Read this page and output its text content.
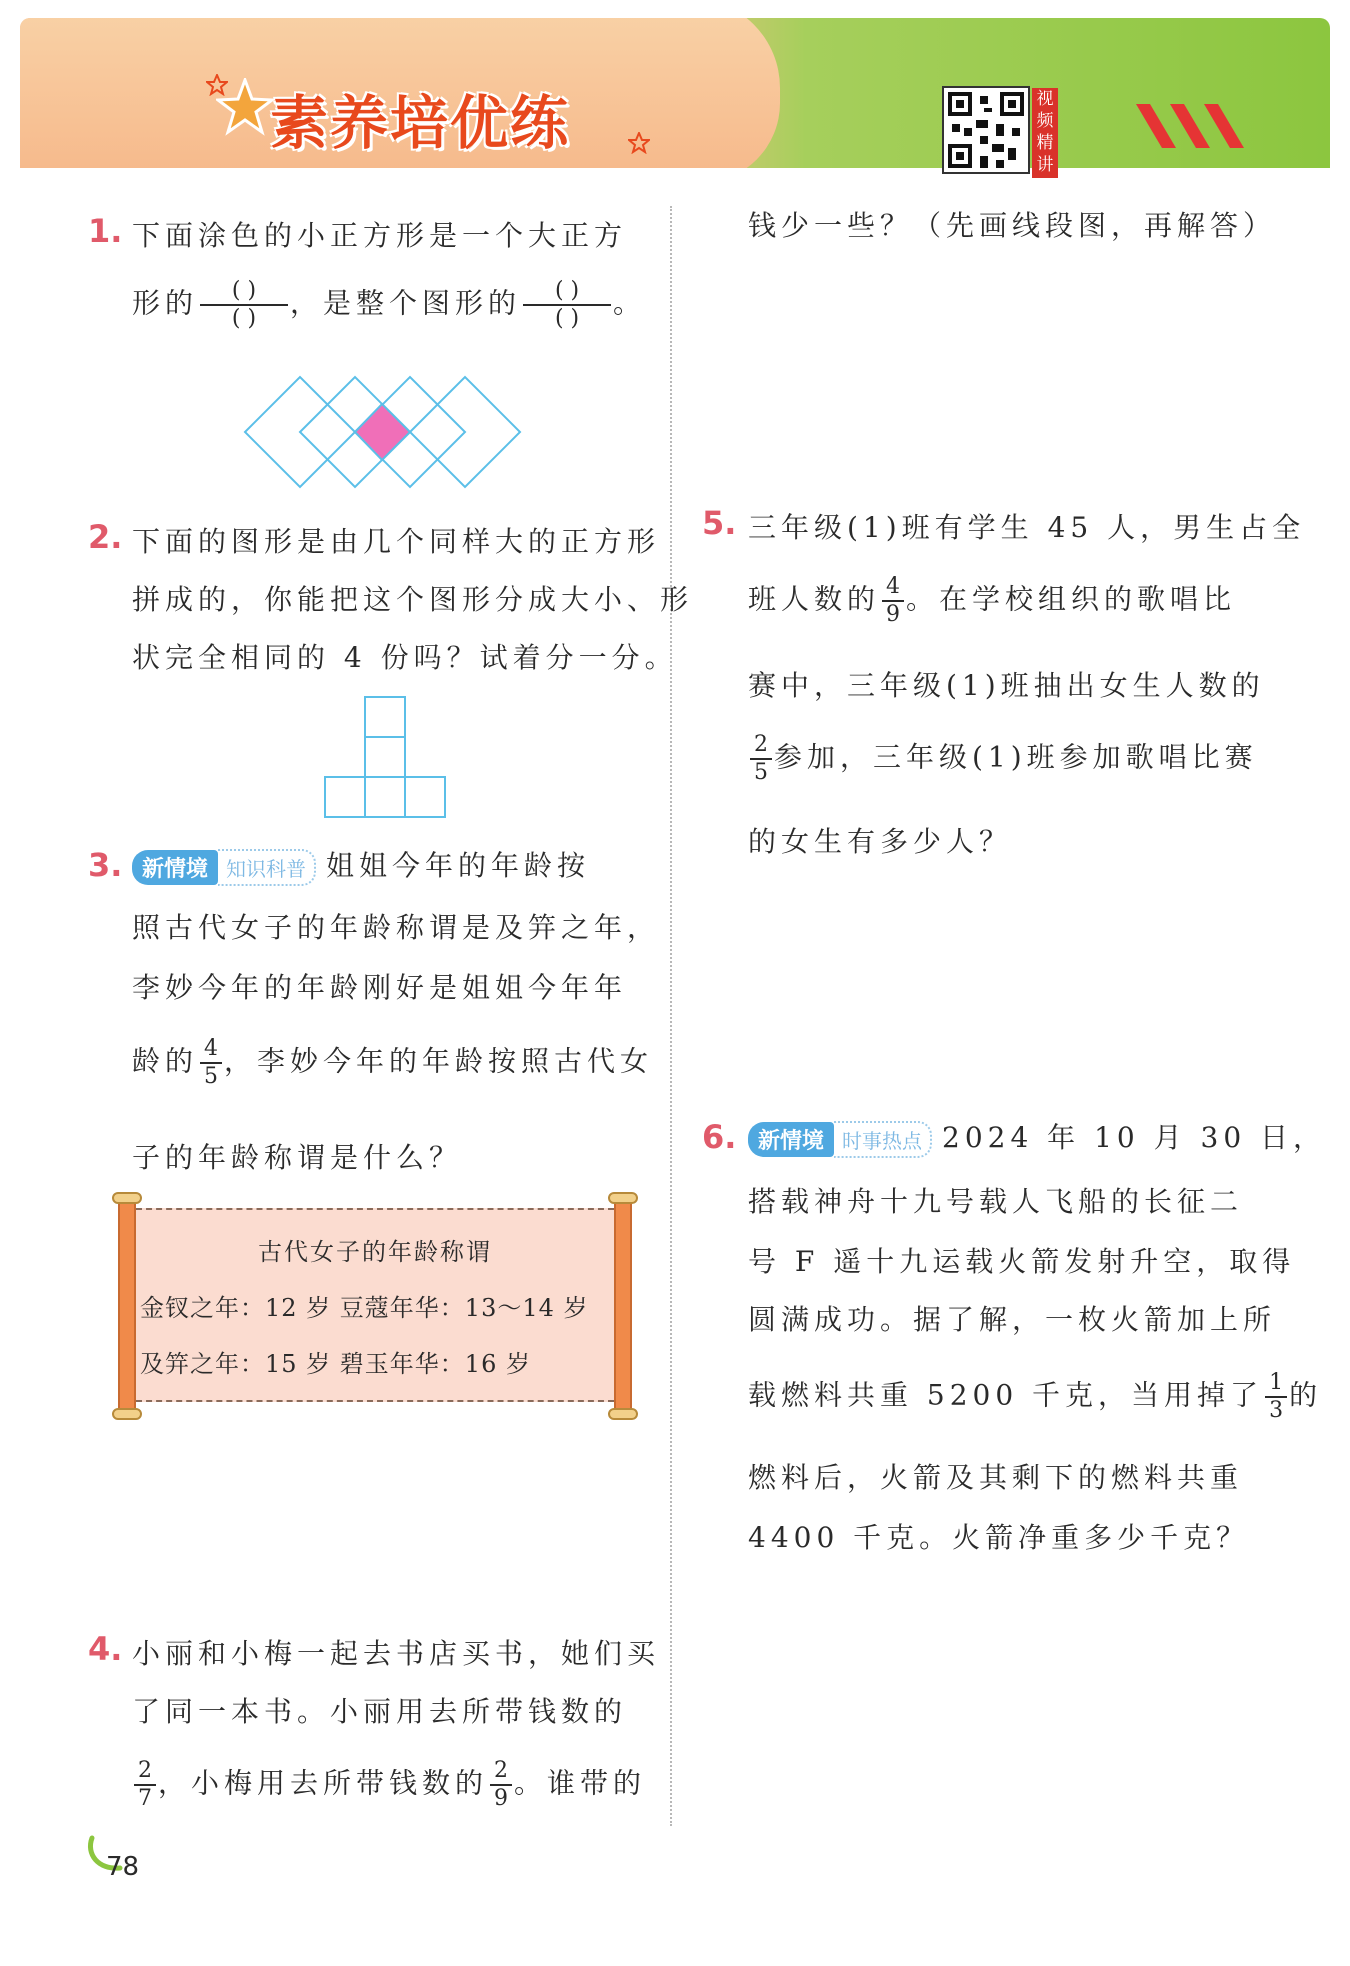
素养培优练	视频精讲
1. 下面涂色的小正方形是一个大正方
形的 $\frac{( )}{( )}$ ，是整个图形的 $\frac{( )}{( )}$ 。
2. 下面的图形是由几个同样大的正方形
拼成的，你能把这个图形分成大小、形
状完全相同的 4 份吗？试着分一分。
3. 新情境 知识科普 姐姐今年的年龄按
照古代女子的年龄称谓是及笄之年，
李妙今年的年龄刚好是姐姐今年年
龄的 $\frac{4}{5}$ ，李妙今年的年龄按照古代女
子的年龄称谓是什么？
古代女子的年龄称谓
金钗之年：12 岁 豆蔻年华：13～14 岁
及笄之年：15 岁 碧玉年华：16 岁
4. 小丽和小梅一起去书店买书，她们买
了同一本书。小丽用去所带钱数的
$\frac{2}{7}$ ，小梅用去所带钱数的 $\frac{2}{9}$ 。谁带的
钱少一些？（先画线段图，再解答）
5. 三年级(1)班有学生 45 人，男生占全
班人数的 $\frac{4}{9}$ 。在学校组织的歌唱比
赛中，三年级(1)班抽出女生人数的
$\frac{2}{5}$ 参加，三年级(1)班参加歌唱比赛
的女生有多少人？
6. 新情境 时事热点 2024 年 10 月 30 日，
搭载神舟十九号载人飞船的长征二
号 F 遥十九运载火箭发射升空，取得
圆满成功。据了解，一枚火箭加上所
载燃料共重 5200 千克，当用掉了 $\frac{1}{3}$ 的
燃料后，火箭及其剩下的燃料共重
4400 千克。火箭净重多少千克？
78
